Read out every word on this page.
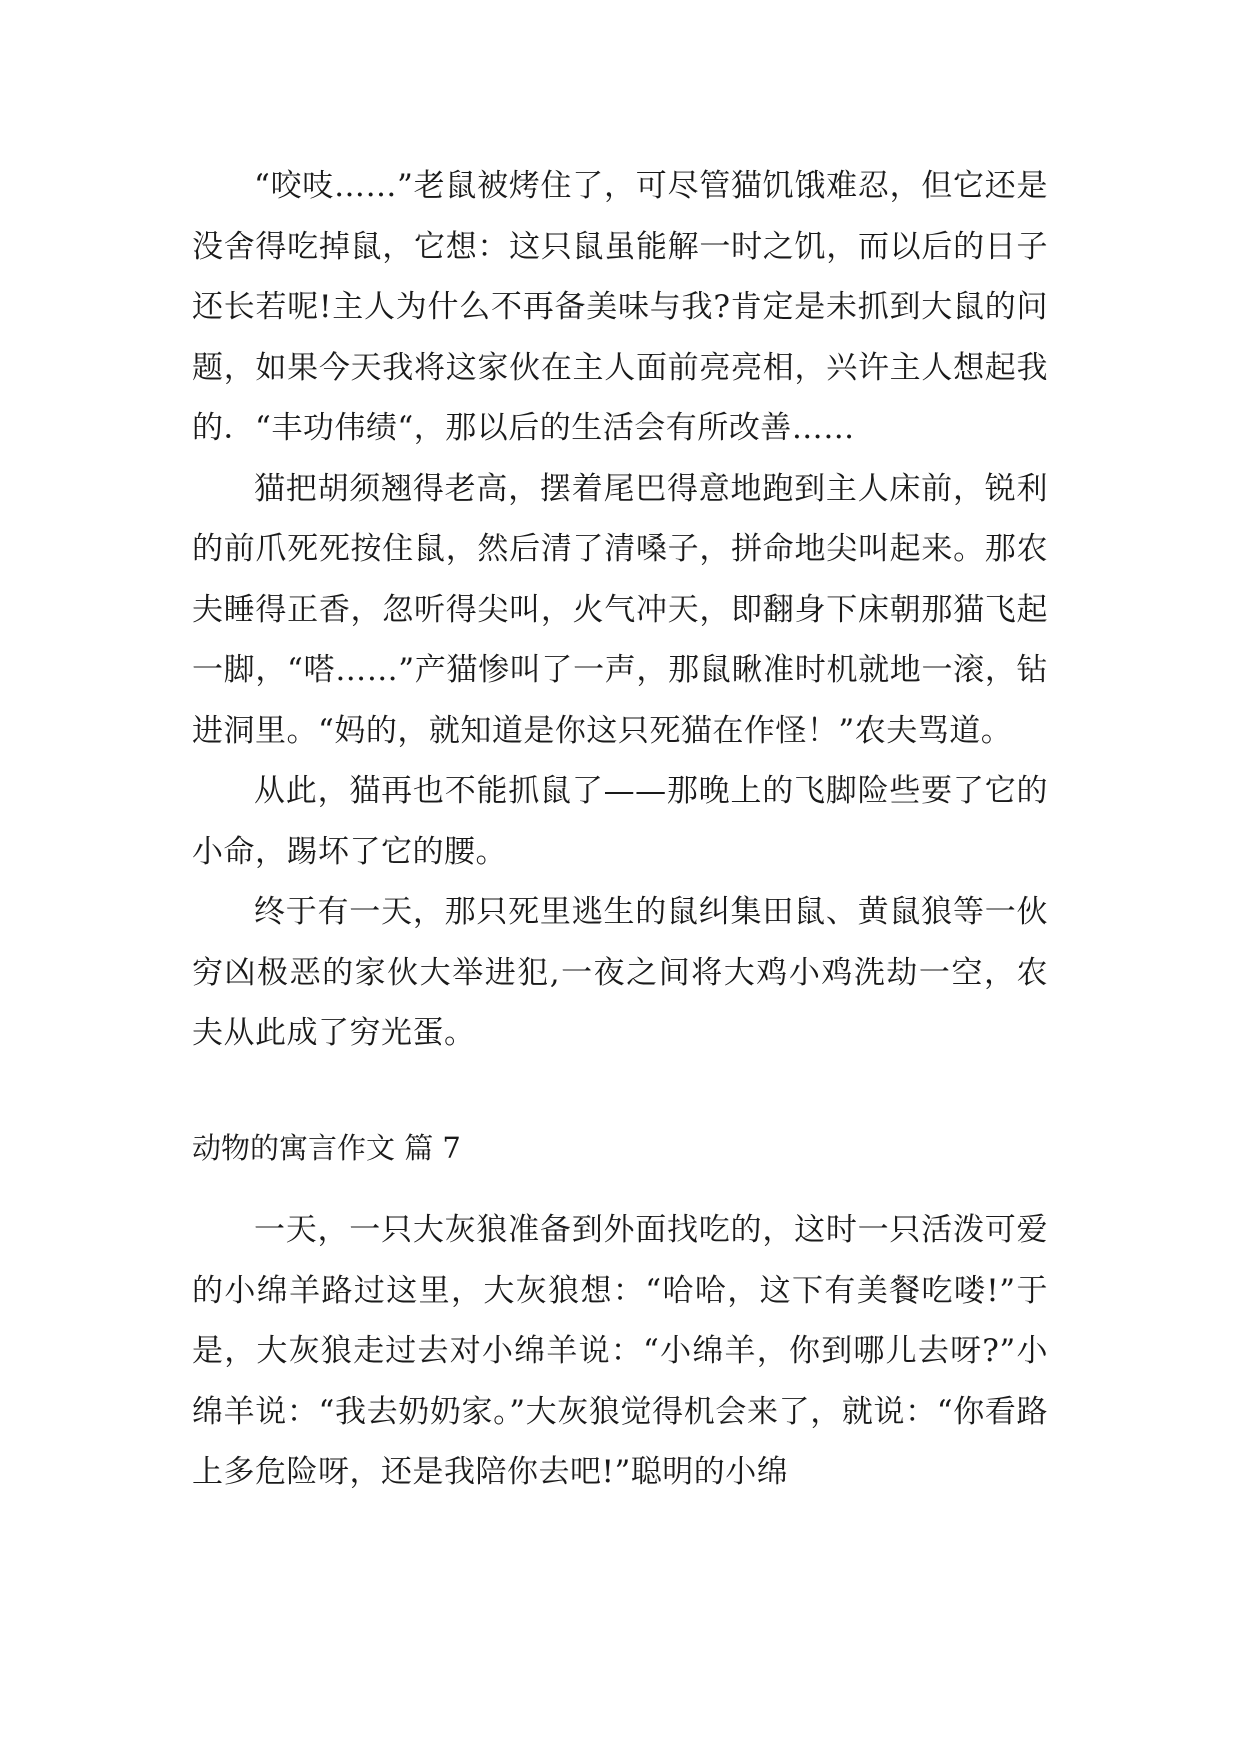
“咬吱……”老鼠被烤住了，可尽管猫饥饿难忍，但它还是没舍得吃掉鼠，它想：这只鼠虽能解一时之饥，而以后的日子还长若呢!主人为什么不再备美味与我?肯定是未抓到大鼠的问题，如果今天我将这家伙在主人面前亮亮相，兴许主人想起我的．“丰功伟绩“，那以后的生活会有所改善……

猫把胡须翘得老高，摆着尾巴得意地跑到主人床前，锐利的前爪死死按住鼠，然后清了清嗓子，拼命地尖叫起来。那农夫睡得正香，忽听得尖叫，火气冲天，即翻身下床朝那猫飞起一脚，“嗒……”产猫惨叫了一声，那鼠瞅准时机就地一滚，钻进洞里。“妈的，就知道是你这只死猫在作怪！”农夫骂道。

从此，猫再也不能抓鼠了——那晚上的飞脚险些要了它的小命，踢坏了它的腰。

终于有一天，那只死里逃生的鼠纠集田鼠、黄鼠狼等一伙穷凶极恶的家伙大举进犯,一夜之间将大鸡小鸡洗劫一空，农夫从此成了穷光蛋。

动物的寓言作文 篇 7

一天，一只大灰狼准备到外面找吃的，这时一只活泼可爱的小绵羊路过这里，大灰狼想：“哈哈，这下有美餐吃喽!”于是，大灰狼走过去对小绵羊说：“小绵羊，你到哪儿去呀?”小绵羊说：“我去奶奶家。”大灰狼觉得机会来了，就说：“你看路上多危险呀，还是我陪你去吧!”聪明的小绵
